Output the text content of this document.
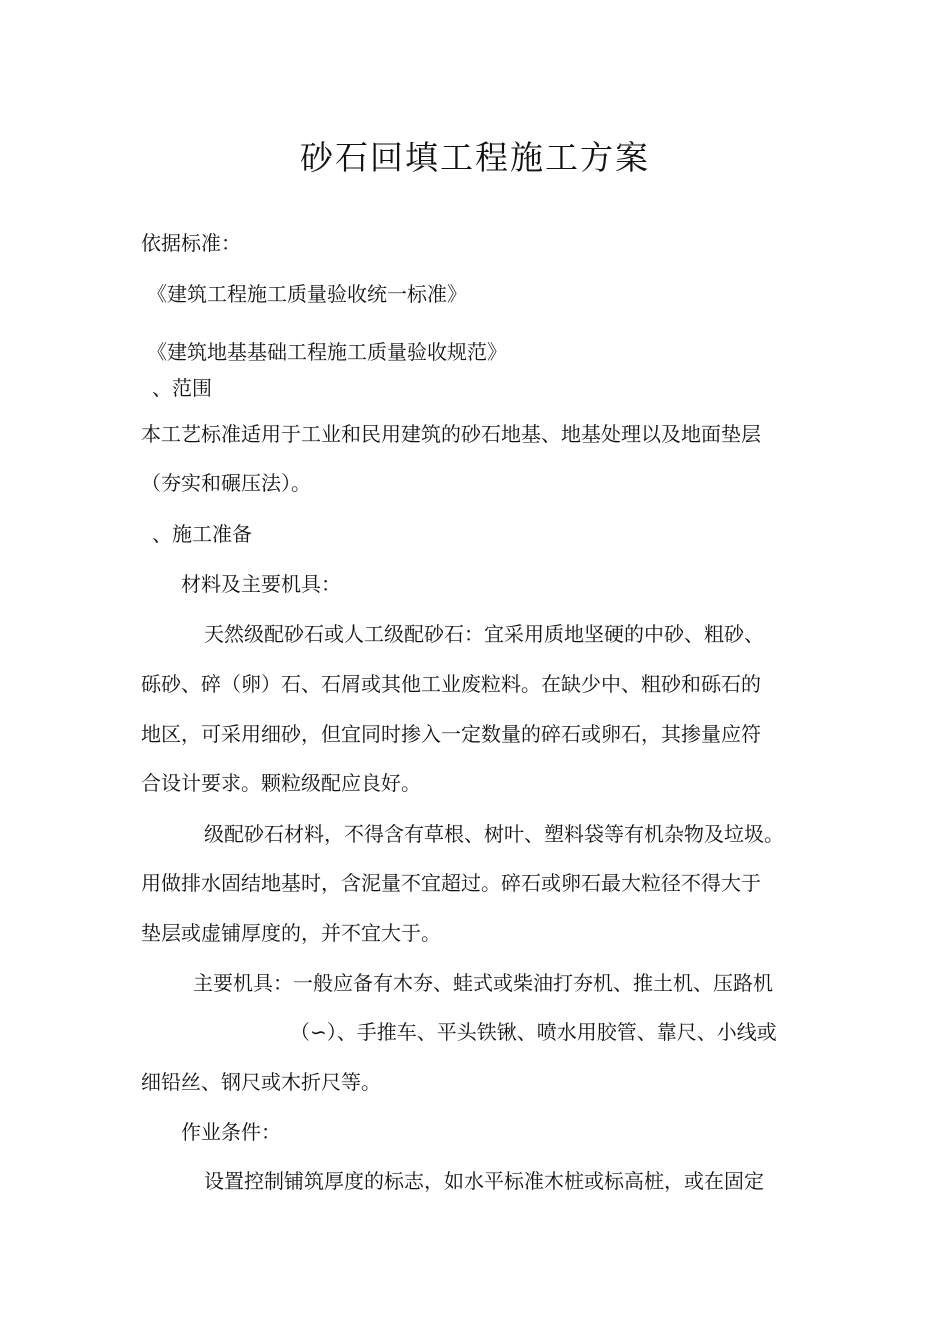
砂石回填工程施工方案
依据标准：
《建筑工程施工质量验收统一标准》
《建筑地基基础工程施工质量验收规范》
、范围
本工艺标准适用于工业和民用建筑的砂石地基、地基处理以及地面垫层
（夯实和碾压法）。
、施工准备
材料及主要机具：
天然级配砂石或人工级配砂石：宜采用质地坚硬的中砂、粗砂、
砾砂、碎（卵）石、石屑或其他工业废粒料。在缺少中、粗砂和砾石的
地区，可采用细砂，但宜同时掺入一定数量的碎石或卵石，其掺量应符
合设计要求。颗粒级配应良好。
级配砂石材料，不得含有草根、树叶、塑料袋等有机杂物及垃圾。
用做排水固结地基时，含泥量不宜超过。碎石或卵石最大粒径不得大于
垫层或虚铺厚度的，并不宜大于。
主要机具：一般应备有木夯、蛙式或柴油打夯机、推土机、压路机
（∽）、手推车、平头铁锹、喷水用胶管、靠尺、小线或
细铅丝、钢尺或木折尺等。
作业条件：
设置控制铺筑厚度的标志，如水平标准木桩或标高桩，或在固定
